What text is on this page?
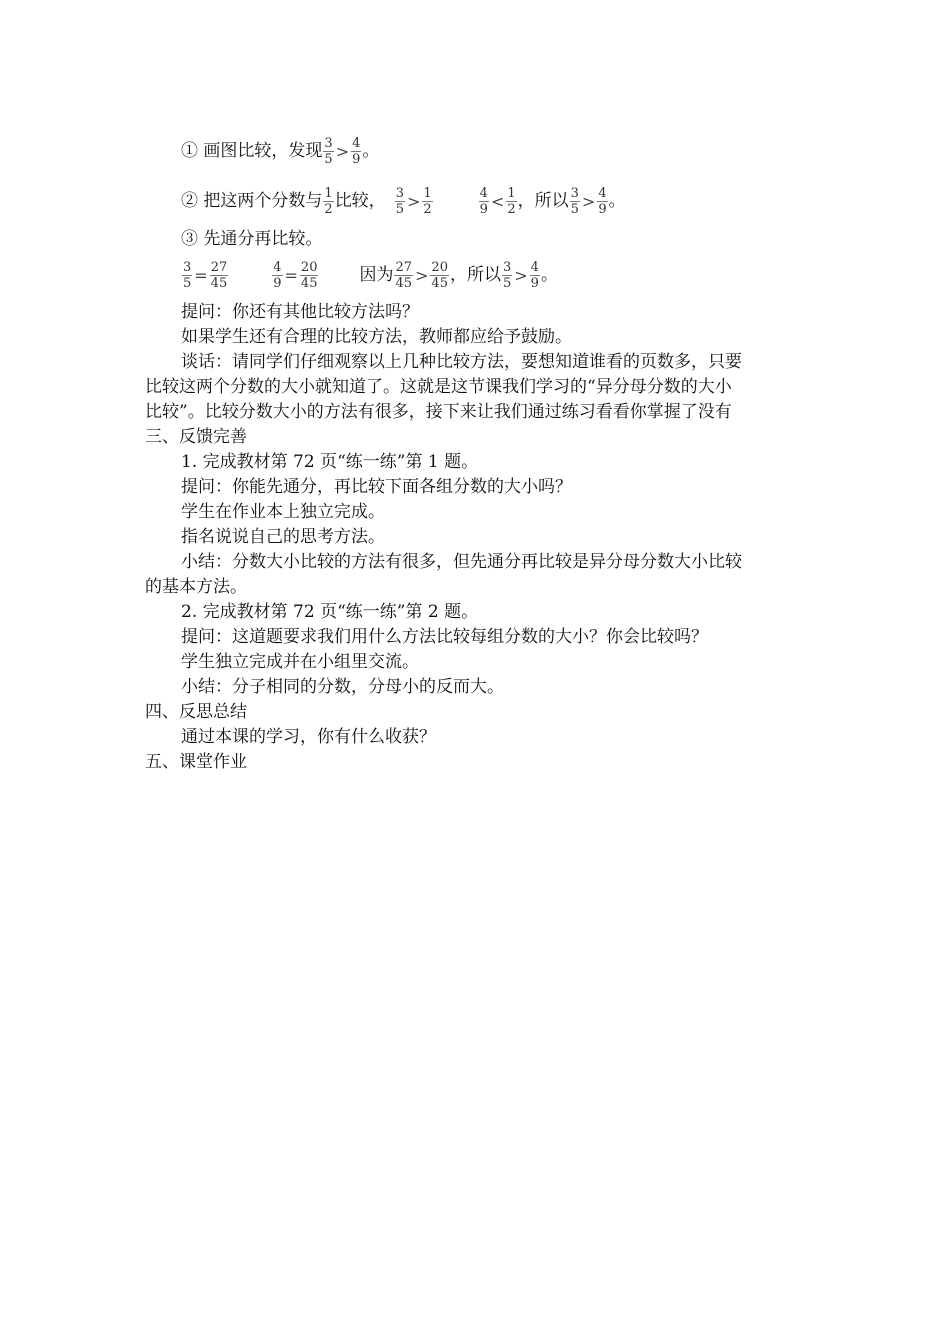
① 画图比较，发现 $\frac{3}{5} > \frac{4}{9}$ 。
② 把这两个分数与 $\frac{1}{2}$ 比较， $\frac{3}{5} > \frac{1}{2}$	$\frac{4}{9} < \frac{1}{2}$ ，所以 $\frac{3}{5} > \frac{4}{9}$ 。
③ 先通分再比较。
$\frac{3}{5} = \frac{27}{45}$	$\frac{4}{9} = \frac{20}{45}$ 因为 $\frac{27}{45} > \frac{20}{45}$ ，所以 $\frac{3}{5} > \frac{4}{9}$ 。
提问：你还有其他比较方法吗？
如果学生还有合理的比较方法，教师都应给予鼓励。
谈话：请同学们仔细观察以上几种比较方法，要想知道谁看的页数多，只要
比较这两个分数的大小就知道了。这就是这节课我们学习的“异分母分数的大小
比较”。比较分数大小的方法有很多，接下来让我们通过练习看看你掌握了没有
三、反馈完善
1. 完成教材第 72 页“练一练”第 1 题。
提问：你能先通分，再比较下面各组分数的大小吗？
学生在作业本上独立完成。
指名说说自己的思考方法。
小结：分数大小比较的方法有很多，但先通分再比较是异分母分数大小比较
的基本方法。
2. 完成教材第 72 页“练一练”第 2 题。
提问：这道题要求我们用什么方法比较每组分数的大小？你会比较吗？
学生独立完成并在小组里交流。
小结：分子相同的分数，分母小的反而大。
四、反思总结
通过本课的学习，你有什么收获？
五、课堂作业
